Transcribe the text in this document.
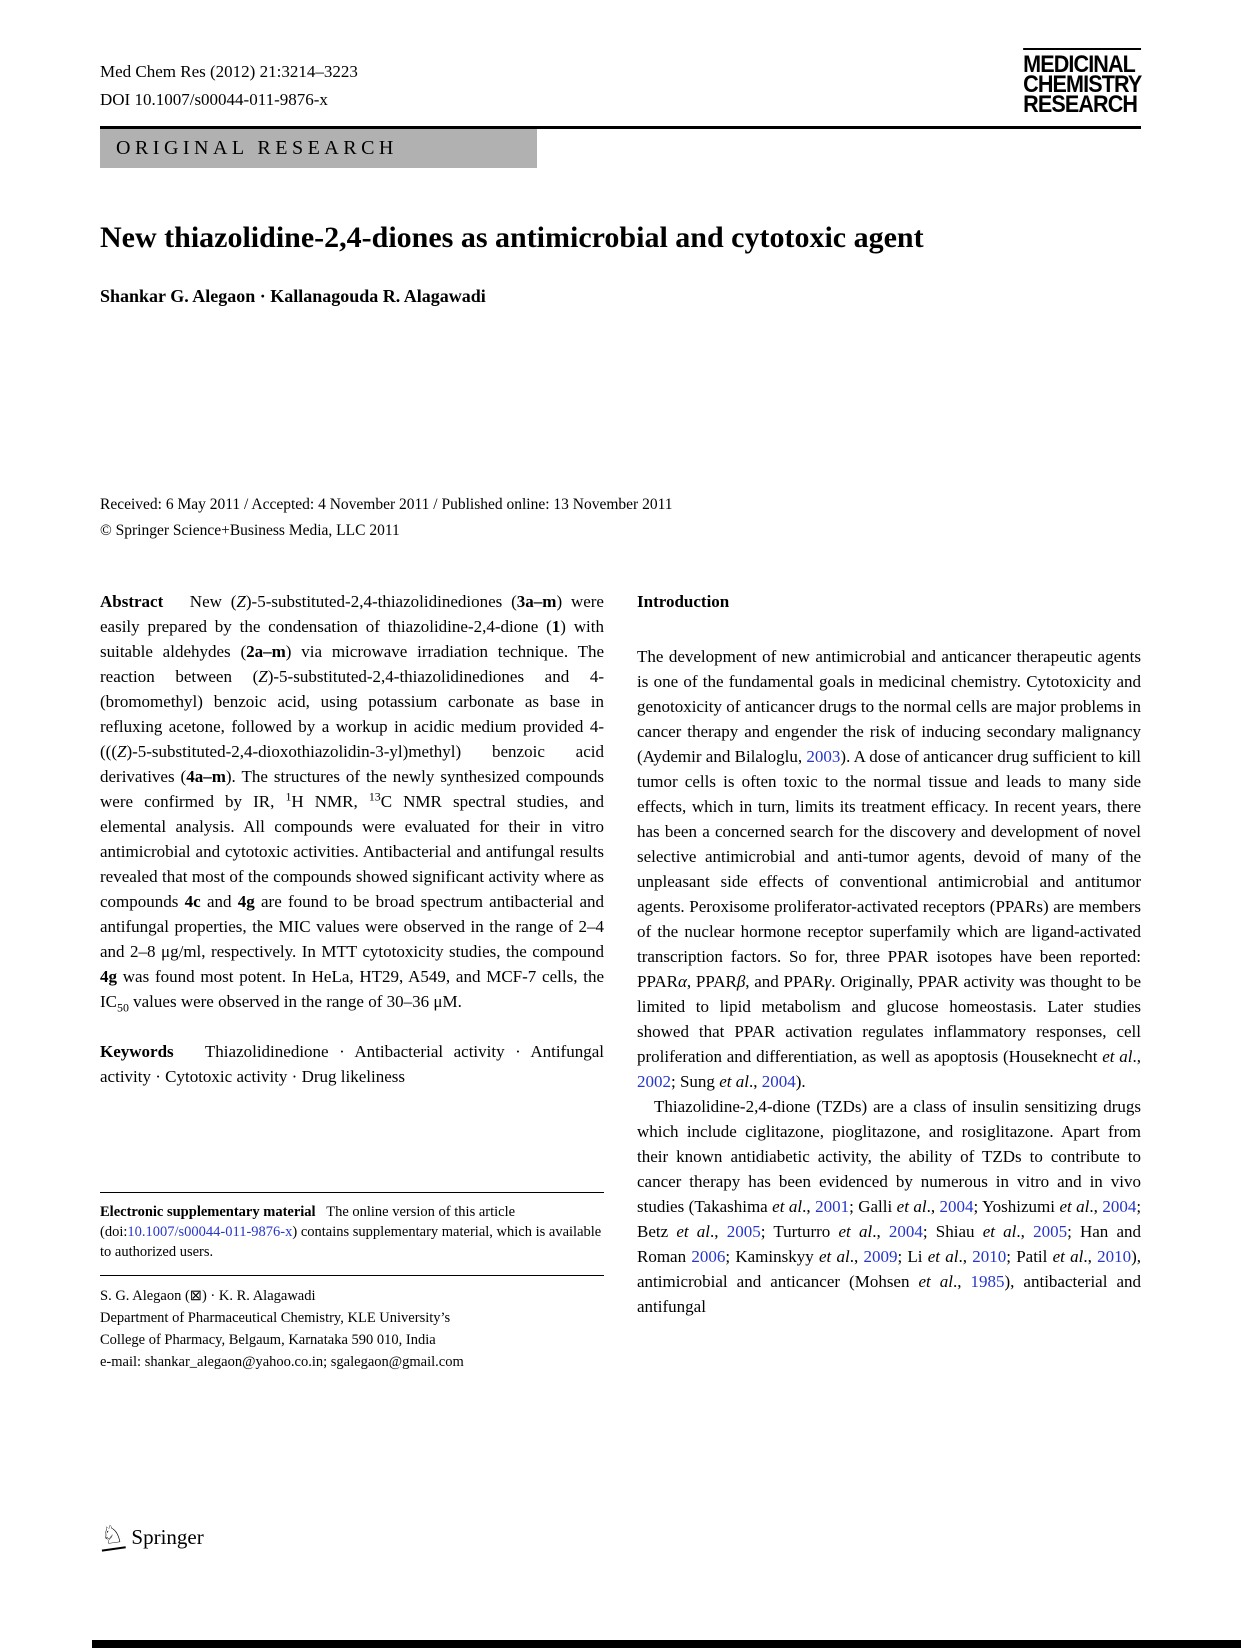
Med Chem Res (2012) 21:3214–3223
DOI 10.1007/s00044-011-9876-x
MEDICINAL
CHEMISTRY
RESEARCH
ORIGINAL RESEARCH
New thiazolidine-2,4-diones as antimicrobial and cytotoxic agent
Shankar G. Alegaon · Kallanagouda R. Alagawadi
Received: 6 May 2011 / Accepted: 4 November 2011 / Published online: 13 November 2011
© Springer Science+Business Media, LLC 2011

Abstract   New (Z)-5-substituted-2,4-thiazolidinediones (3a–m) were easily prepared by the condensation of thiazolidine-2,4-dione (1) with suitable aldehydes (2a–m) via microwave irradiation technique. The reaction between (Z)-5-substituted-2,4-thiazolidinediones and 4-(bromomethyl) benzoic acid, using potassium carbonate as base in refluxing acetone, followed by a workup in acidic medium provided 4-(((Z)-5-substituted-2,4-dioxothiazolidin-3-yl)methyl) benzoic acid derivatives (4a–m). The structures of the newly synthesized compounds were confirmed by IR, $^1$H NMR, $^{13}$C NMR spectral studies, and elemental analysis. All compounds were evaluated for their in vitro antimicrobial and cytotoxic activities. Antibacterial and antifungal results revealed that most of the compounds showed significant activity where as compounds 4c and 4g are found to be broad spectrum antibacterial and antifungal properties, the MIC values were observed in the range of 2–4 and 2–8 μg/ml, respectively. In MTT cytotoxicity studies, the compound 4g was found most potent. In HeLa, HT29, A549, and MCF-7 cells, the $IC_{50}$ values were observed in the range of 30–36 μM.

Keywords   Thiazolidinedione · Antibacterial activity · Antifungal activity · Cytotoxic activity · Drug likeliness

Electronic supplementary material   The online version of this article (doi:10.1007/s00044-011-9876-x) contains supplementary material, which is available to authorized users.

S. G. Alegaon (⊠) · K. R. Alagawadi
Department of Pharmaceutical Chemistry, KLE University’s
College of Pharmacy, Belgaum, Karnataka 590 010, India
e-mail: shankar_alegaon@yahoo.co.in; sgalegaon@gmail.com

Introduction

The development of new antimicrobial and anticancer therapeutic agents is one of the fundamental goals in medicinal chemistry. Cytotoxicity and genotoxicity of anticancer drugs to the normal cells are major problems in cancer therapy and engender the risk of inducing secondary malignancy (Aydemir and Bilaloglu, 2003). A dose of anticancer drug sufficient to kill tumor cells is often toxic to the normal tissue and leads to many side effects, which in turn, limits its treatment efficacy. In recent years, there has been a concerned search for the discovery and development of novel selective antimicrobial and anti-tumor agents, devoid of many of the unpleasant side effects of conventional antimicrobial and antitumor agents. Peroxisome proliferator-activated receptors (PPARs) are members of the nuclear hormone receptor superfamily which are ligand-activated transcription factors. So for, three PPAR isotopes have been reported: PPARα, PPARβ, and PPARγ. Originally, PPAR activity was thought to be limited to lipid metabolism and glucose homeostasis. Later studies showed that PPAR activation regulates inflammatory responses, cell proliferation and differentiation, as well as apoptosis (Houseknecht et al., 2002; Sung et al., 2004).

Thiazolidine-2,4-dione (TZDs) are a class of insulin sensitizing drugs which include ciglitazone, pioglitazone, and rosiglitazone. Apart from their known antidiabetic activity, the ability of TZDs to contribute to cancer therapy has been evidenced by numerous in vitro and in vivo studies (Takashima et al., 2001; Galli et al., 2004; Yoshizumi et al., 2004; Betz et al., 2005; Turturro et al., 2004; Shiau et al., 2005; Han and Roman 2006; Kaminskyy et al., 2009; Li et al., 2010; Patil et al., 2010), antimicrobial and anticancer (Mohsen et al., 1985), antibacterial and antifungal

♘ Springer
